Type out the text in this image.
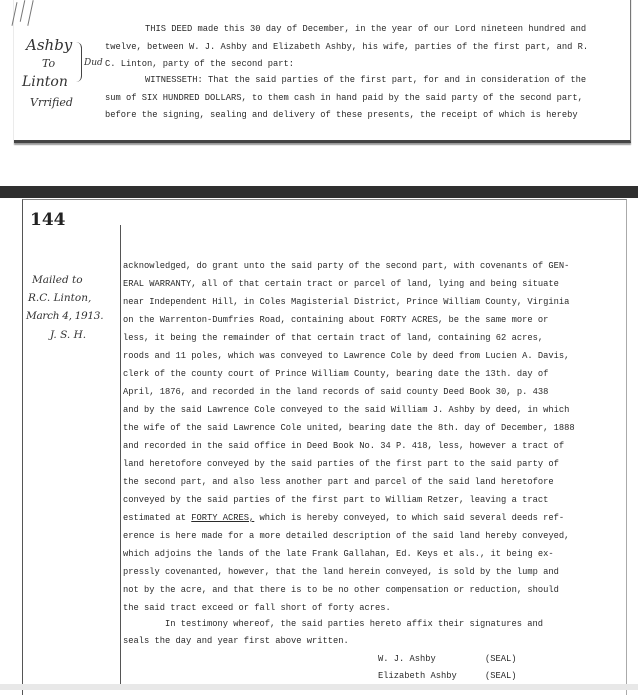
Ashby
To
Linton
Vrrified
Dud
THIS DEED made this 30 day of December, in the year of our Lord nineteen hundred and
twelve, between W. J. Ashby and Elizabeth Ashby, his wife, parties of the first part, and R.
C. Linton, party of the second part:
WITNESSETH: That the said parties of the first part, for and in consideration of the
sum of SIX HUNDRED DOLLARS, to them cash in hand paid by the said party of the second part,
before the signing, sealing and delivery of these presents, the receipt of which is hereby
144
Mailed to
R.C. Linton,
March 4, 1913.
J. S. H.
acknowledged, do grant unto the said party of the second part, with covenants of GEN-
ERAL WARRANTY, all of that certain tract or parcel of land, lying and being situate
near Independent Hill, in Coles Magisterial District, Prince William County, Virginia
on the Warrenton-Dumfries Road, containing about FORTY ACRES, be the same more or
less, it being the remainder of that certain tract of land, containing 62 acres,
roods and 11 poles, which was conveyed to Lawrence Cole by deed from Lucien A. Davis,
clerk of the county court of Prince William County, bearing date the 13th. day of
April, 1876, and recorded in the land records of said county Deed Book 30, p. 438
and by the said Lawrence Cole conveyed to the said William J. Ashby by deed, in which
the wife of the said Lawrence Cole united, bearing date the 8th. day of December, 1888
and recorded in the said office in Deed Book No. 34 P. 418, less, however a tract of
land heretofore conveyed by the said parties of the first part to the said party of
the second part, and also less another part and parcel of the said land heretofore
conveyed by the said parties of the first part to William Retzer, leaving a tract
estimated at FORTY ACRES, which is hereby conveyed, to which said several deeds ref-
erence is here made for a more detailed description of the said land hereby conveyed,
which adjoins the lands of the late Frank Gallahan, Ed. Keys et als., it being ex-
pressly covenanted, however, that the land herein conveyed, is sold by the lump and
not by the acre, and that there is to be no other compensation or reduction, should
the said tract exceed or fall short of forty acres.
In testimony whereof, the said parties hereto affix their signatures and
seals the day and year first above written.
W. J. Ashby	(SEAL)
Elizabeth Ashby	(SEAL)
